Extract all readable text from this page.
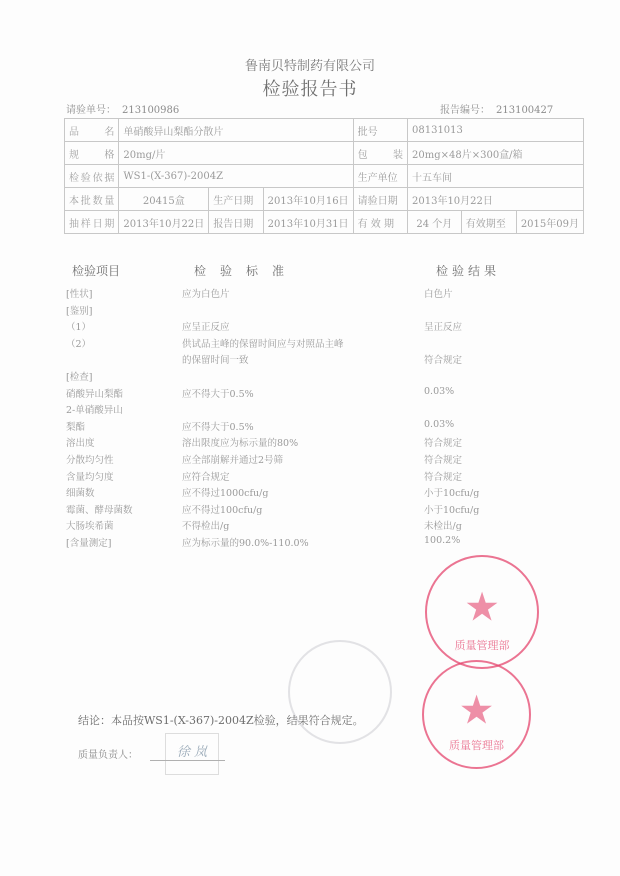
鲁南贝特制药有限公司
检验报告书
请验单号： 213100986	报告编号： 213100427
品　名	单硝酸异山梨酯分散片			批号	08131013		
规　格	20mg/片			包　装	20mg×48片×300盒/箱		
检验依据	WS1-(X-367)-2004Z			生产单位	十五车间		
本批数量	20415盒	生产日期	2013年10月16日	请验日期	2013年10月22日		
抽样日期	2013年10月22日	报告日期	2013年10月31日	有 效 期	24 个月	有效期至	2015年09月
检验项目	检验标准	检验结果
[性状]	应为白色片	白色片
[鉴别]
（1）	应呈正反应	呈正反应
（2）	供试品主峰的保留时间应与对照品主峰
的保留时间一致	符合规定
[检查]
硝酸异山梨酯	应不得大于0.5%	0.03%
2-单硝酸异山
梨酯	应不得大于0.5%	0.03%
溶出度	溶出限度应为标示量的80%	符合规定
分散均匀性	应全部崩解并通过2号筛	符合规定
含量均匀度	应符合规定	符合规定
细菌数	应不得过1000cfu/g	小于10cfu/g
霉菌、酵母菌数	应不得过100cfu/g	小于10cfu/g
大肠埃希菌	不得检出/g	未检出/g
[含量测定]	应为标示量的90.0%-110.0%	100.2%
★
质量管理部
★
质量管理部
结论：本品按WS1-(X-367)-2004Z检验，结果符合规定。
质量负责人：	徐 岚
